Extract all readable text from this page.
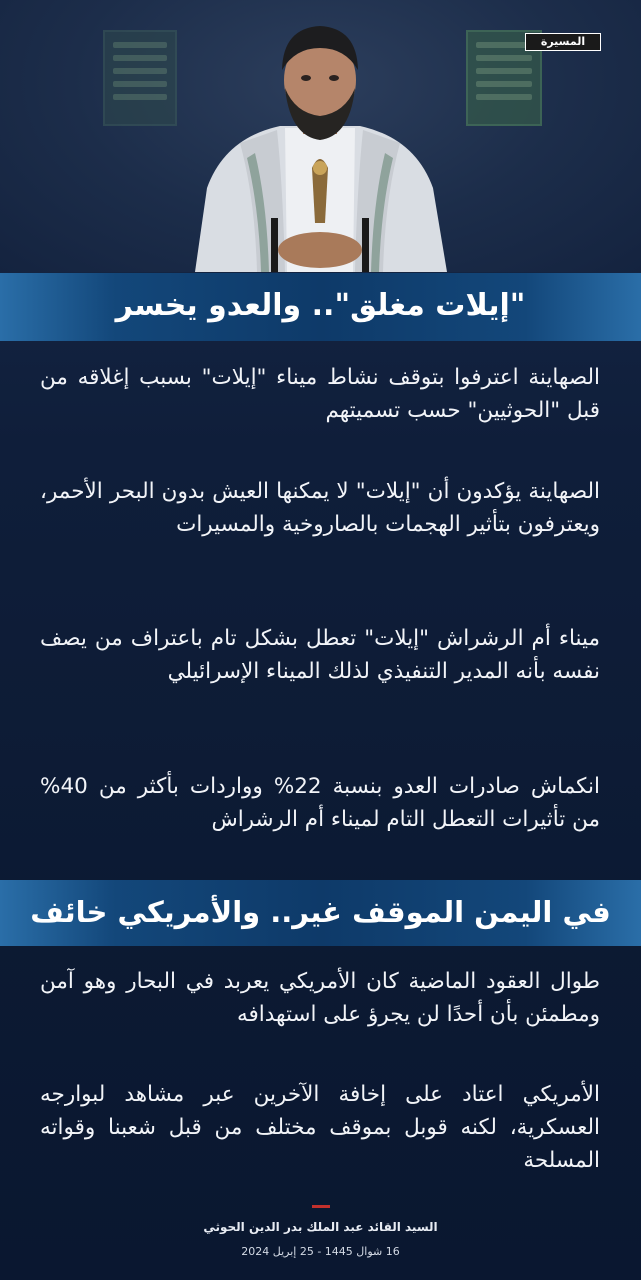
المسيرة
"إيلات مغلق".. والعدو يخسر
الصهاينة اعترفوا بتوقف نشاط ميناء "إيلات" بسبب إغلاقه من قبل "الحوثيين" حسب تسميتهم
الصهاينة يؤكدون أن "إيلات" لا يمكنها العيش بدون البحر الأحمر، ويعترفون بتأثير الهجمات بالصاروخية والمسيرات
ميناء أم الرشراش "إيلات" تعطل بشكل تام باعتراف من يصف نفسه بأنه المدير التنفيذي لذلك الميناء الإسرائيلي
انكماش صادرات العدو بنسبة 22% وواردات بأكثر من 40% من تأثيرات التعطل التام لميناء أم الرشراش
في اليمن الموقف غير.. والأمريكي خائف
طوال العقود الماضية كان الأمريكي يعربد في البحار وهو آمن ومطمئن بأن أحدًا لن يجرؤ على استهدافه
الأمريكي اعتاد على إخافة الآخرين عبر مشاهد لبوارجه العسكرية، لكنه قوبل بموقف مختلف من قبل شعبنا وقواته المسلحة
السيد القائد عبد الملك بدر الدين الحوثي
16 شوال 1445 - 25 إبريل 2024
